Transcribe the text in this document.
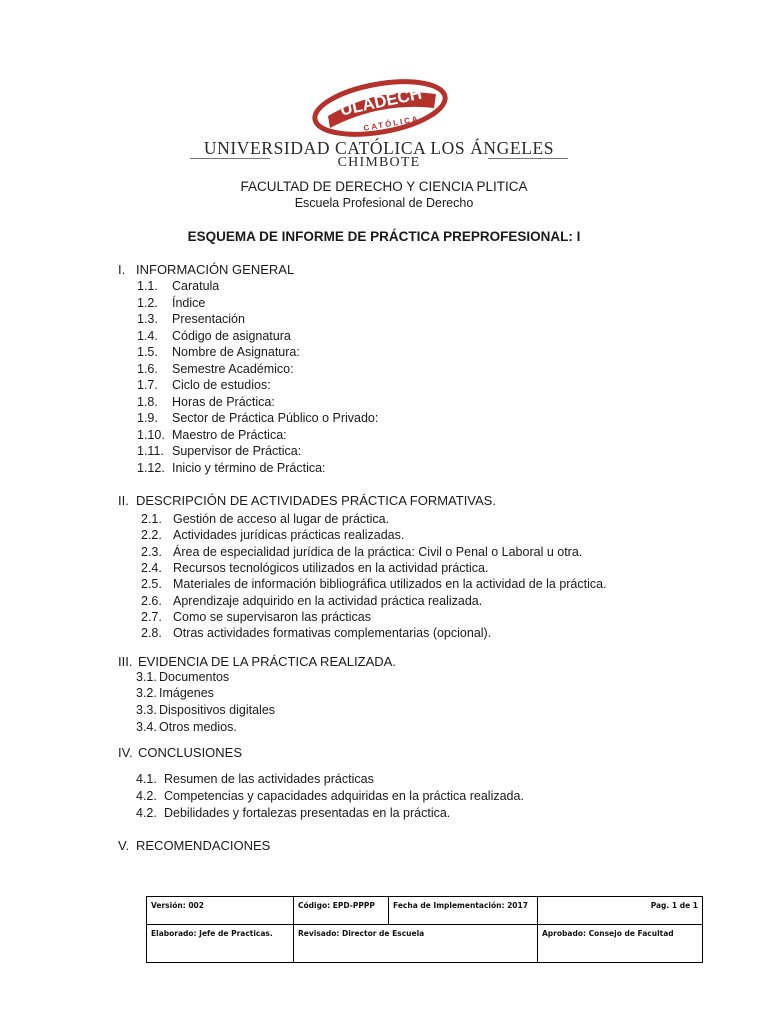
ULADECH
CATÓLICA
UNIVERSIDAD CATÓLICA LOS ÁNGELES
CHIMBOTE
FACULTAD DE DERECHO Y CIENCIA PLITICA
Escuela Profesional de Derecho
ESQUEMA DE INFORME DE PRÁCTICA PREPROFESIONAL: I
I. INFORMACIÓN GENERAL
1.1. Caratula
1.2. Índice
1.3. Presentación
1.4. Código de asignatura
1.5. Nombre de Asignatura:
1.6. Semestre Académico:
1.7. Ciclo de estudios:
1.8. Horas de Práctica:
1.9. Sector de Práctica Público o Privado:
1.10. Maestro de Práctica:
1.11. Supervisor de Práctica:
1.12. Inicio y término de Práctica:
II. DESCRIPCIÓN DE ACTIVIDADES PRÁCTICA FORMATIVAS.
2.1. Gestión de acceso al lugar de práctica.
2.2. Actividades jurídicas prácticas realizadas.
2.3. Área de especialidad jurídica de la práctica: Civil o Penal o Laboral u otra.
2.4. Recursos tecnológicos utilizados en la actividad práctica.
2.5. Materiales de información bibliográfica utilizados en la actividad de la práctica.
2.6. Aprendizaje adquirido en la actividad práctica realizada.
2.7. Como se supervisaron las prácticas
2.8. Otras actividades formativas complementarias (opcional).
III. EVIDENCIA DE LA PRÁCTICA REALIZADA.
3.1. Documentos
3.2. Imágenes
3.3. Dispositivos digitales
3.4. Otros medios.
IV. CONCLUSIONES
4.1. Resumen de las actividades prácticas
4.2. Competencias y capacidades adquiridas en la práctica realizada.
4.2. Debilidades y fortalezas presentadas en la práctica.
V. RECOMENDACIONES
Versión: 002	Código: EPD-PPPP	Fecha de Implementación: 2017	Pag. 1 de 1
Elaborado: Jefe de Practicas.	Revisado: Director de Escuela		Aprobado: Consejo de Facultad
